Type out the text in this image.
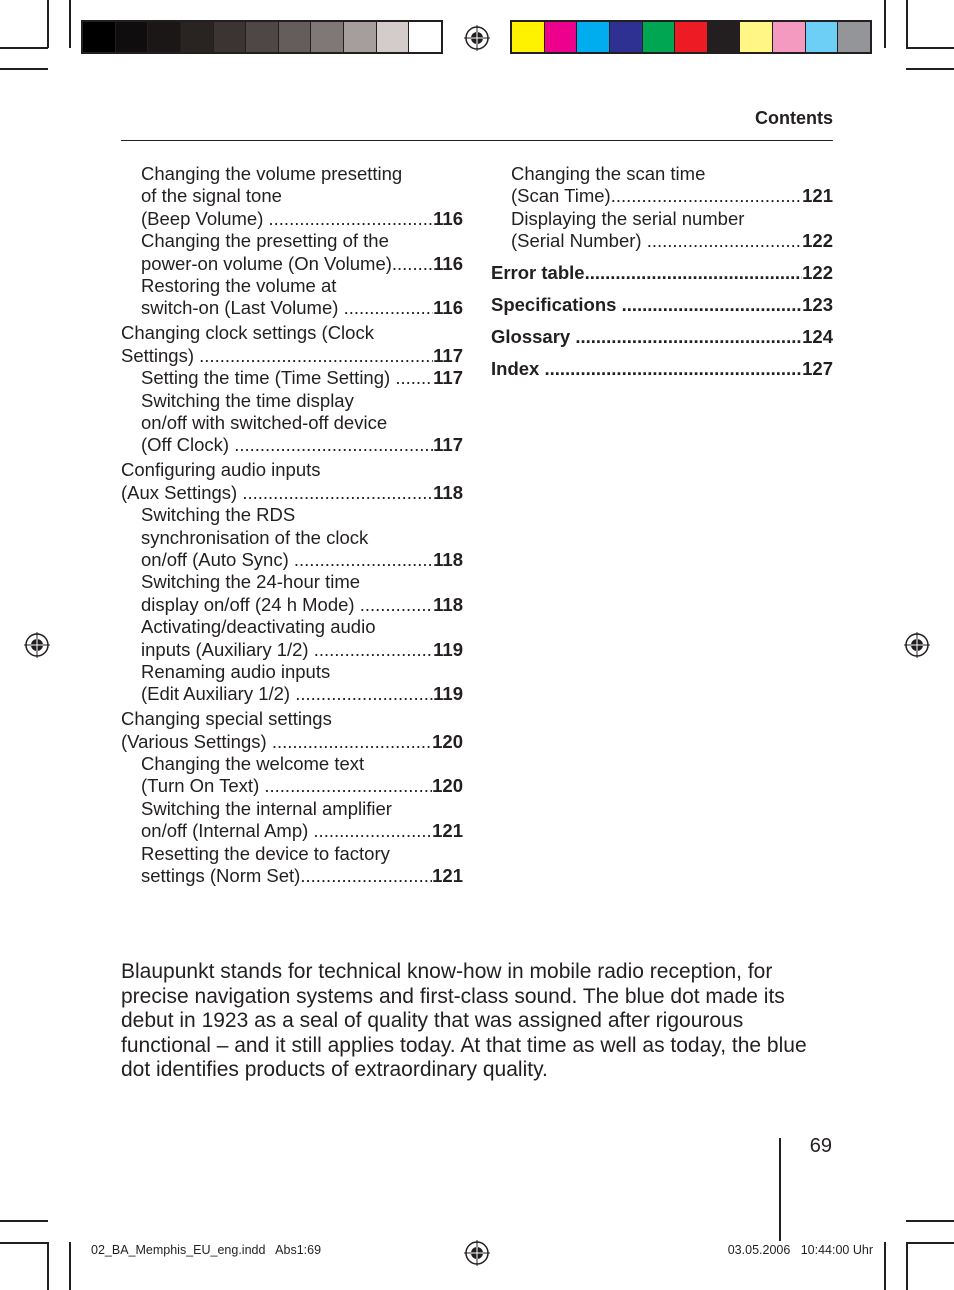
Contents
Changing the volume presetting
of the signal tone
(Beep Volume) .....	116
Changing the presetting of the
power-on volume (On Volume) ..... 116
Restoring the volume at
switch-on (Last Volume) .....	116
Changing clock settings (Clock
Settings) .....	117
Setting the time (Time Setting) ..... 117
Switching the time display
on/off with switched-off device
(Off Clock) .....	117
Configuring audio inputs
(Aux Settings) .....	118
Switching the RDS
synchronisation of the clock
on/off (Auto Sync) .....	118
Switching the 24-hour time
display on/off (24 h Mode) .....	118
Activating/deactivating audio
inputs (Auxiliary 1/2) .....	119
Renaming audio inputs
(Edit Auxiliary 1/2) .....	119
Changing special settings
(Various Settings) .....	120
Changing the welcome text
(Turn On Text) .....	120
Switching the internal amplifier
on/off (Internal Amp) .....	121
Resetting the device to factory
settings (Norm Set) .....	121
Changing the scan time
(Scan Time) .....	121
Displaying the serial number
(Serial Number) .....	122
Error table .....	122
Specifications .....	123
Glossary .....	124
Index .....	127

Blaupunkt stands for technical know-how in mobile radio reception, for precise navigation systems and first-class sound. The blue dot made its debut in 1923 as a seal of quality that was assigned after rigourous functional – and it still applies today. At that time as well as today, the blue dot identifies products of extraordinary quality.

69
02_BA_Memphis_EU_eng.indd   Abs1:69	03.05.2006   10:44:00 Uhr
